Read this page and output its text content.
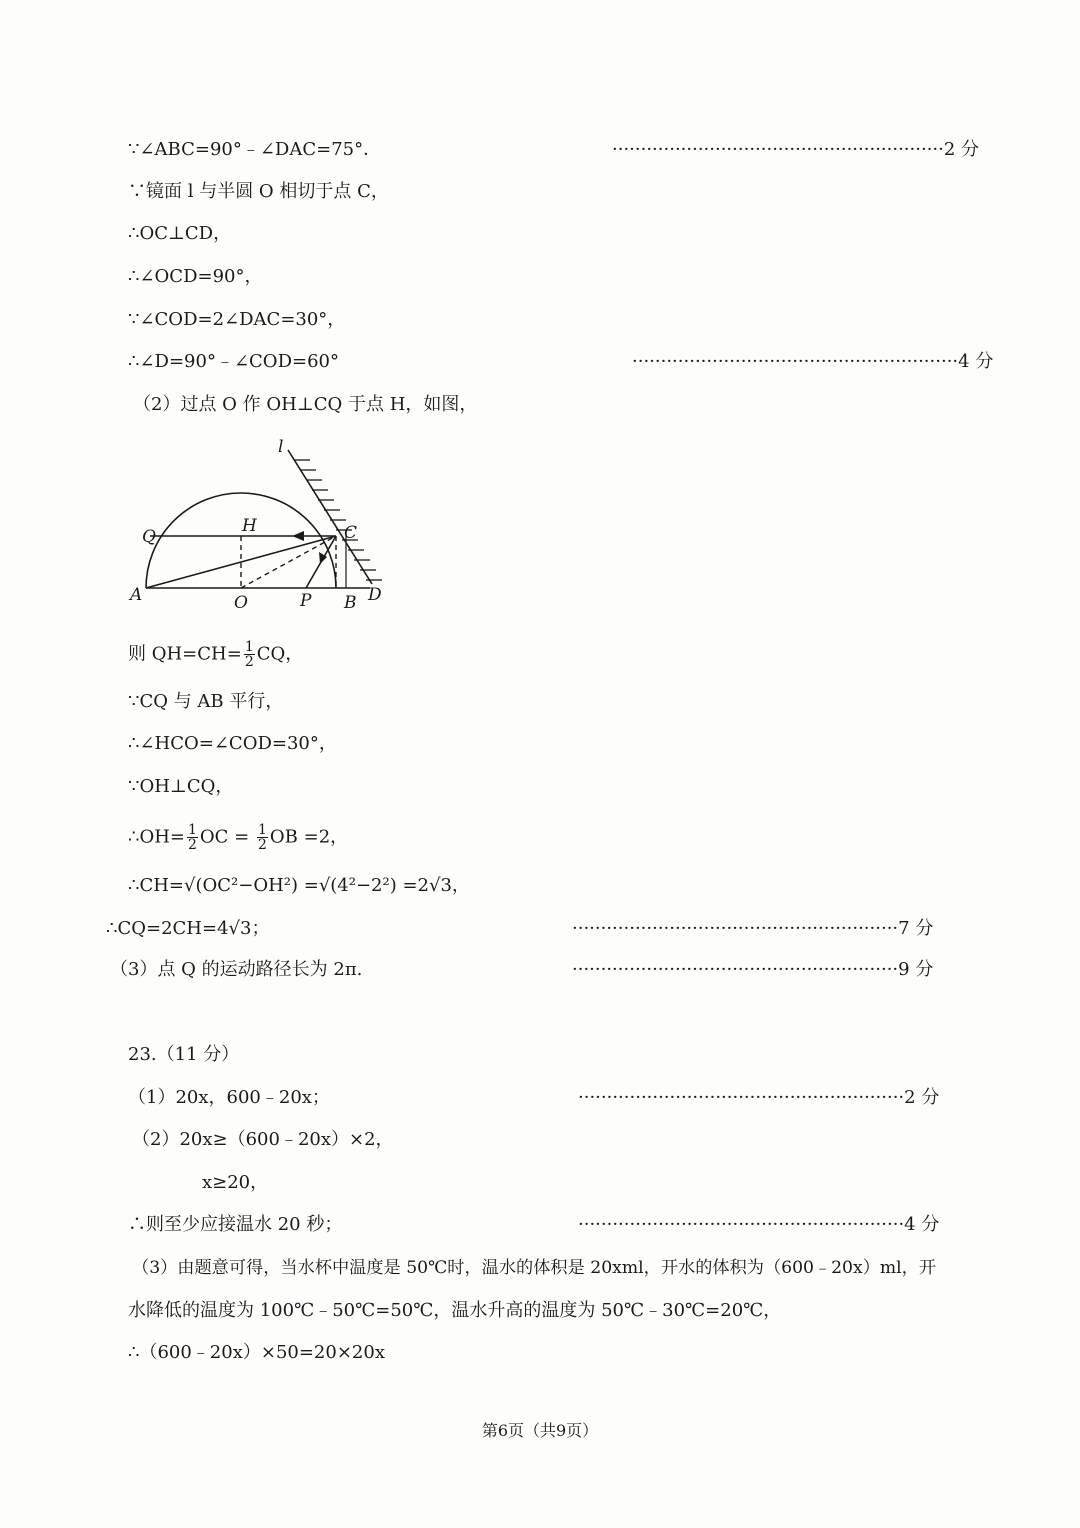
∵∠ABC=90°﹣∠DAC=75°．	··························································2 分
∵镜面 l 与半圆 O 相切于点 C，
∴OC⊥CD，
∴∠OCD=90°，
∵∠COD=2∠DAC=30°，
∴∠D=90°﹣∠COD=60°	·························································4 分
（2）过点 O 作 OH⊥CQ 于点 H，如图，
l
Q
H	C
A	O	P B D
则 $QH=CH= \frac{1}{2}$ CQ，
∵CQ 与 AB 平行，
∴∠HCO=∠COD=30°，
∵OH⊥CQ，
∴OH= $\frac{1}{2}$ OC = $\frac{1}{2}$ OB =2，
∴CH=√(OC²−OH²) =√(4²−2²) =2√3，
∴CQ=2CH=4√3；	·························································7 分
（3）点 Q 的运动路径长为 2π.	·························································9 分
23.（11 分）
（1）20x，600﹣20x；	·························································2 分
（2）20x≥（600﹣20x）×2，
x≥20，
∴则至少应接温水 20 秒；	·························································4 分
（3）由题意可得，当水杯中温度是 50℃时，温水的体积是 20xml，开水的体积为（600﹣20x）ml，开
水降低的温度为 100℃﹣50℃=50℃，温水升高的温度为 50℃﹣30℃=20℃，
∴（600﹣20x）×50=20×20x
第6页（共9页）
